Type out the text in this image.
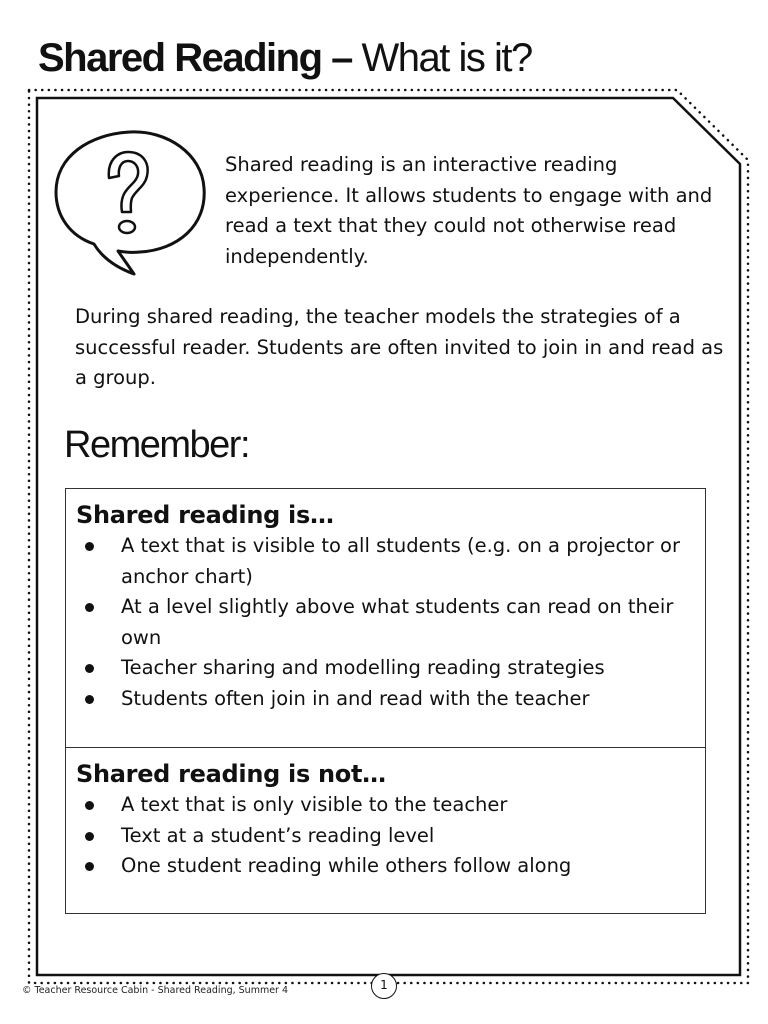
Shared Reading – What is it?

Shared reading is an interactive reading experience. It allows students to engage with and read a text that they could not otherwise read independently.

During shared reading, the teacher models the strategies of a successful reader. Students are often invited to join in and read as a group.

Remember:
Shared reading is…
A text that is visible to all students (e.g. on a projector or anchor chart)
At a level slightly above what students can read on their own
Teacher sharing and modelling reading strategies
Students often join in and read with the teacher
Shared reading is not…
A text that is only visible to the teacher
Text at a student’s reading level
One student reading while others follow along
© Teacher Resource Cabin - Shared Reading, Summer 4	1
